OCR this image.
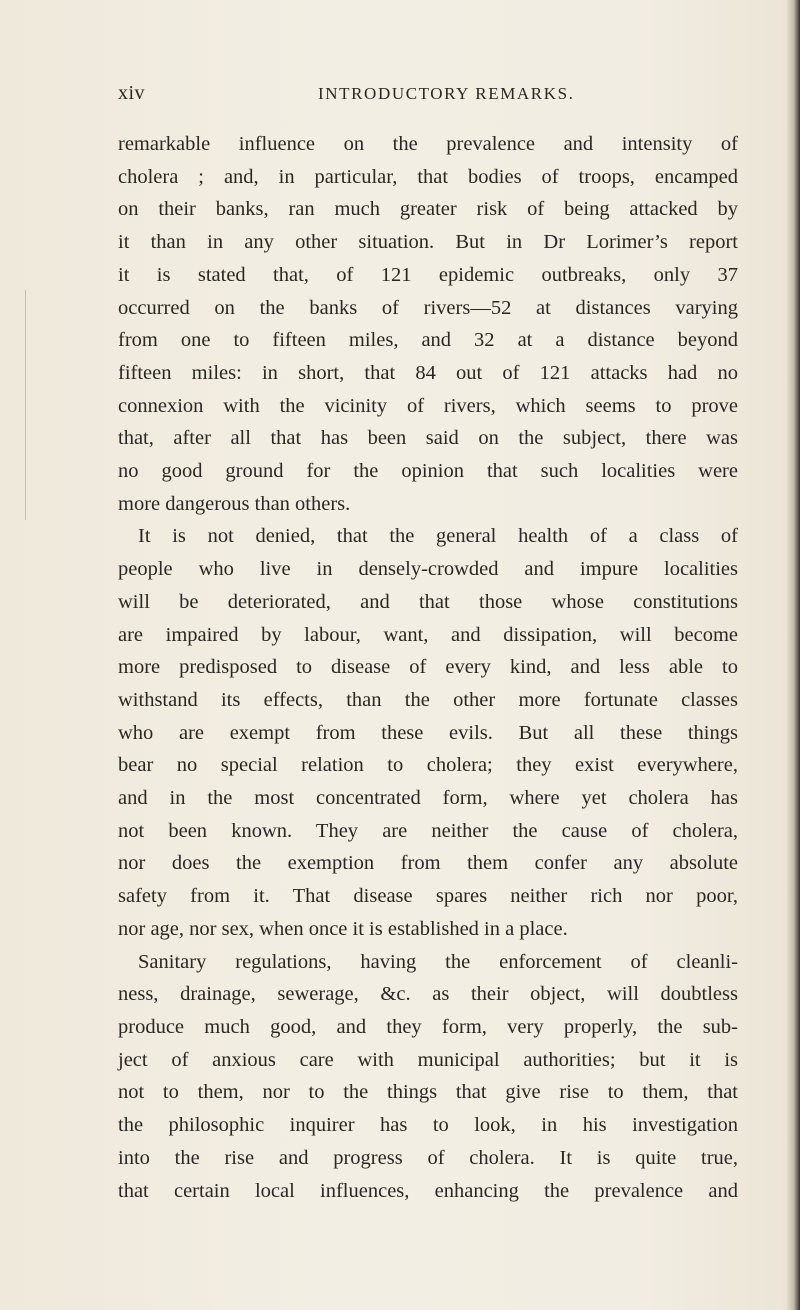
xiv	INTRODUCTORY REMARKS.
remarkable influence on the prevalence and intensity of
cholera ; and, in particular, that bodies of troops, encamped
on their banks, ran much greater risk of being attacked by
it than in any other situation. But in Dr Lorimer’s report
it is stated that, of 121 epidemic outbreaks, only 37
occurred on the banks of rivers—52 at distances varying
from one to fifteen miles, and 32 at a distance beyond
fifteen miles: in short, that 84 out of 121 attacks had no
connexion with the vicinity of rivers, which seems to prove
that, after all that has been said on the subject, there was
no good ground for the opinion that such localities were
more dangerous than others.
It is not denied, that the general health of a class of
people who live in densely-crowded and impure localities
will be deteriorated, and that those whose constitutions
are impaired by labour, want, and dissipation, will become
more predisposed to disease of every kind, and less able to
withstand its effects, than the other more fortunate classes
who are exempt from these evils. But all these things
bear no special relation to cholera; they exist everywhere,
and in the most concentrated form, where yet cholera has
not been known. They are neither the cause of cholera,
nor does the exemption from them confer any absolute
safety from it. That disease spares neither rich nor poor,
nor age, nor sex, when once it is established in a place.
Sanitary regulations, having the enforcement of cleanli-
ness, drainage, sewerage, &c. as their object, will doubtless
produce much good, and they form, very properly, the sub-
ject of anxious care with municipal authorities; but it is
not to them, nor to the things that give rise to them, that
the philosophic inquirer has to look, in his investigation
into the rise and progress of cholera. It is quite true,
that certain local influences, enhancing the prevalence and
